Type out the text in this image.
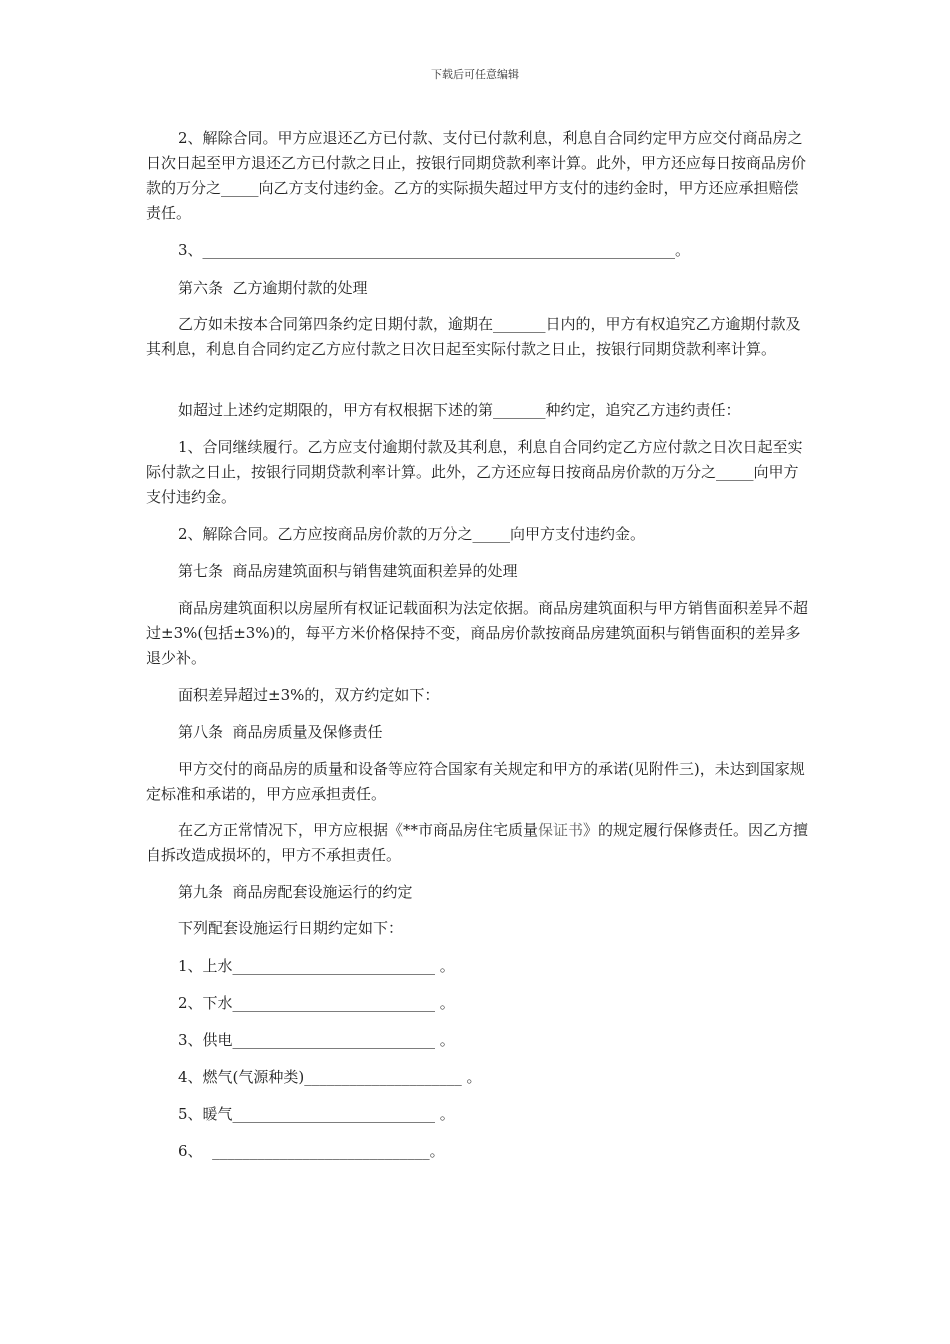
下载后可任意编辑

2、解除合同。甲方应退还乙方已付款、支付已付款利息，利息自合同约定甲方应交付商品房之日次日起至甲方退还乙方已付款之日止，按银行同期贷款利率计算。此外，甲方还应每日按商品房价款的万分之_____向乙方支付违约金。乙方的实际损失超过甲方支付的违约金时，甲方还应承担赔偿责任。

3、_______________________________________________________________。

第六条  乙方逾期付款的处理

乙方如未按本合同第四条约定日期付款，逾期在_______日内的，甲方有权追究乙方逾期付款及其利息，利息自合同约定乙方应付款之日次日起至实际付款之日止，按银行同期贷款利率计算。

如超过上述约定期限的，甲方有权根据下述的第_______种约定，追究乙方违约责任：

1、合同继续履行。乙方应支付逾期付款及其利息，利息自合同约定乙方应付款之日次日起至实际付款之日止，按银行同期贷款利率计算。此外，乙方还应每日按商品房价款的万分之_____向甲方支付违约金。

2、解除合同。乙方应按商品房价款的万分之_____向甲方支付违约金。

第七条  商品房建筑面积与销售建筑面积差异的处理

商品房建筑面积以房屋所有权证记载面积为法定依据。商品房建筑面积与甲方销售面积差异不超过±3%(包括±3%)的，每平方米价格保持不变，商品房价款按商品房建筑面积与销售面积的差异多退少补。

面积差异超过±3%的，双方约定如下：

第八条  商品房质量及保修责任

甲方交付的商品房的质量和设备等应符合国家有关规定和甲方的承诺(见附件三)，未达到国家规定标准和承诺的，甲方应承担责任。

在乙方正常情况下，甲方应根据《**市商品房住宅质量保证书》的规定履行保修责任。因乙方擅自拆改造成损坏的，甲方不承担责任。

第九条  商品房配套设施运行的约定

下列配套设施运行日期约定如下：

1、上水___________________________ 。

2、下水___________________________ 。

3、供电___________________________ 。

4、燃气(气源种类)_____________________ 。

5、暖气___________________________ 。

6、  _____________________________。
